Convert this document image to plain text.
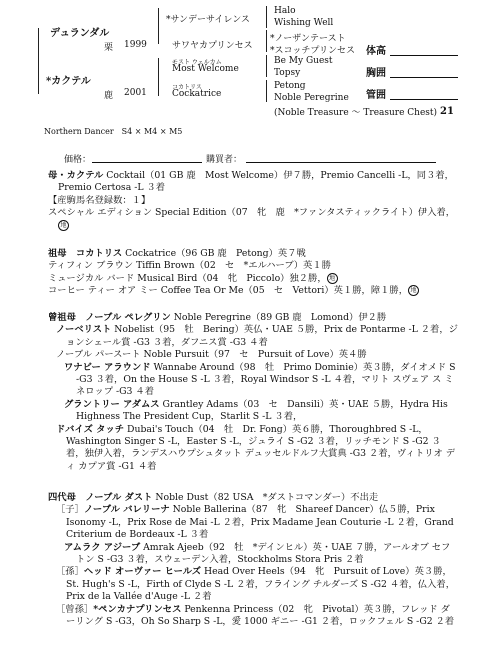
デュランダル
栗 1999
*カクテル
鹿 2001
*サンデーサイレンス
サワヤカプリンセス
モスト ウェルカム
Most Welcome
コカトリス
Cockatrice
Halo
Wishing Well
*ノーザンテースト
*スコッチプリンセス
Be My Guest
Topsy
Petong
Noble Peregrine
(Noble Treasure ～ Treasure Chest)
体高
胸囲
管囲
21
Northern Dancer　S4 × M4 × M5
価格：	購買者：
母・カクテル Cocktail（01 GB 鹿　Most Welcome）伊７勝，Premio Cancelli -L，同３着，Premio Certosa -L ３着
【産駒馬名登録数：１】
スペシャル エディション Special Edition（07　牝　鹿　*ファンタスティックライト）伊入着，地
祖母　コカトリス Cockatrice（96 GB 鹿　Petong）英７戦
ティフィン ブラウン Tiffin Brown（02　セ　*エルハーブ）英１勝
ミュージカル バード Musical Bird（04　牝　Piccolo）独２勝， 地
コーヒー ティー オア ミー Coffee Tea Or Me（05　セ　Vettori）英１勝，障１勝， 地
曾祖母　ノーブル ペレグリン Noble Peregrine（89 GB 鹿　Lomond）伊２勝
ノーベリスト Nobelist（95　牡　Bering）英仏・UAE ５勝，Prix de Pontarme -L ２着，ジョンシェール賞 -G3 ３着，ダフニス賞 -G3 ４着
ノーブル パースート Noble Pursuit（97　セ　Pursuit of Love）英４勝
ワナビー アラウンド Wannabe Around（98　牡　Primo Dominie）英３勝，ダイオメド S -G3 ３着，On the House S -L ３着，Royal Windsor S -L ４着，マリト スヴェア ス ミネロップ -G3 ４着
グラントリー アダムス Grantley Adams（03　セ　Dansili）英・UAE ５勝，Hydra His Highness The President Cup，Starlit S -L ３着，
ドバイズ タッチ Dubai's Touch（04　牡　Dr. Fong）英６勝，Thoroughbred S -L，Washington Singer S -L，Easter S -L，ジュライ S -G2 ３着，リッチモンド S -G2 ３着，独伊入着，ランデスハウプシュタット デュッセルドルフ大賞典 -G3 ２着，ヴィトリオ ディ カプア賞 -G1 ４着
四代母　ノーブル ダスト Noble Dust（82 USA　*ダストコマンダー）不出走
［子］ノーブル バレリーナ Noble Ballerina（87　牝　Shareef Dancer）仏５勝，Prix Isonomy -L，Prix Rose de Mai -L ２着，Prix Madame Jean Couturie -L ２着，Grand Criterium de Bordeaux -L ３着
アムラク アジーブ Amrak Ajeeb（92　牡　*デインヒル）英・UAE ７勝，アールオブ セフトン S -G3 ３着，スウェーデン入着，Stockholms Stora Pris ２着
［孫］ヘッド オーヴァー ヒールズ Head Over Heels（94　牝　Pursuit of Love）英３勝，St. Hugh's S -L，Firth of Clyde S -L ２着，フライング チルダーズ S -G2 ４着，仏入着，Prix de la Vallée d'Auge -L ２着
［曾孫］*ペンカナプリンセス Penkenna Princess（02　牝　Pivotal）英３勝，フレッド ダーリング S -G3，Oh So Sharp S -L，愛 1000 ギニー -G1 ２着，ロックフェル S -G2 ２着
